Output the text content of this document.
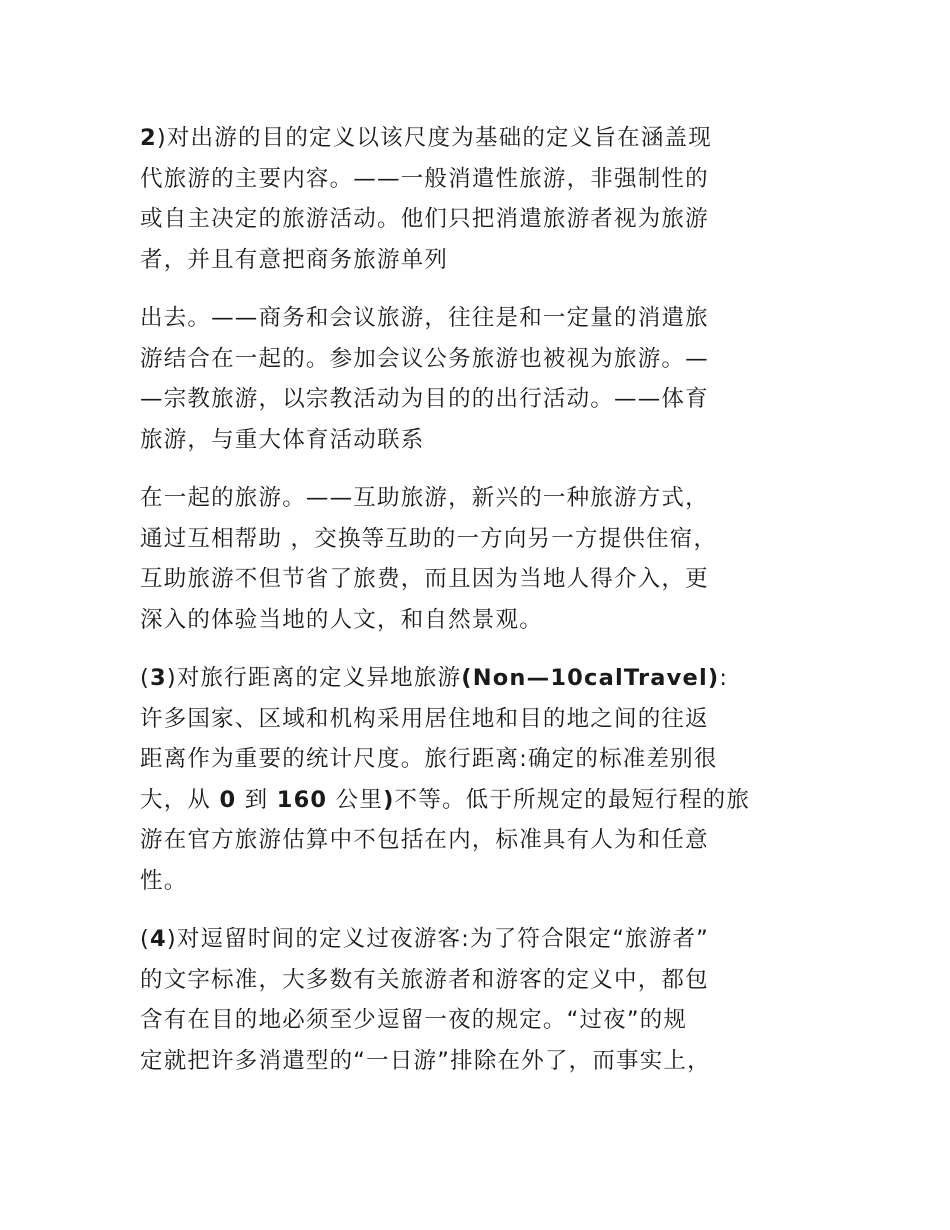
2)对出游的目的定义以该尺度为基础的定义旨在涵盖现
代旅游的主要内容。——一般消遣性旅游，非强制性的
或自主决定的旅游活动。他们只把消遣旅游者视为旅游
者，并且有意把商务旅游单列

出去。——商务和会议旅游，往往是和一定量的消遣旅
游结合在一起的。参加会议公务旅游也被视为旅游。—
—宗教旅游，以宗教活动为目的的出行活动。——体育
旅游，与重大体育活动联系

在一起的旅游。——互助旅游，新兴的一种旅游方式，
通过互相帮助 ，交换等互助的一方向另一方提供住宿，
互助旅游不但节省了旅费，而且因为当地人得介入，更
深入的体验当地的人文，和自然景观。

(3)对旅行距离的定义异地旅游(Non—10calTravel):
许多国家、区域和机构采用居住地和目的地之间的往返
距离作为重要的统计尺度。旅行距离:确定的标准差别很
大，从 0 到 160 公里)不等。低于所规定的最短行程的旅
游在官方旅游估算中不包括在内，标准具有人为和任意
性。

(4)对逗留时间的定义过夜游客:为了符合限定“旅游者”
的文字标准，大多数有关旅游者和游客的定义中，都包
含有在目的地必须至少逗留一夜的规定。“过夜”的规
定就把许多消遣型的“一日游”排除在外了，而事实上，
